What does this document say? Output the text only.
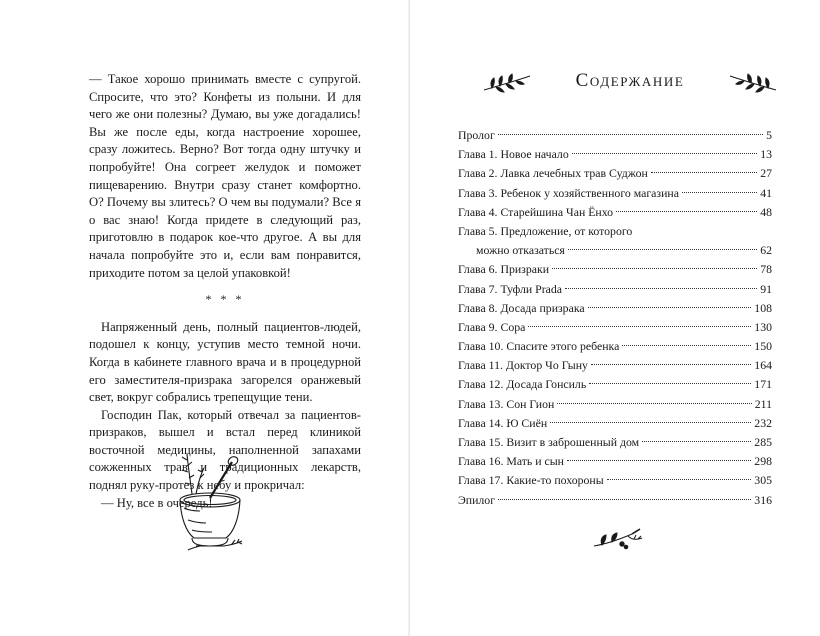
— Такое хорошо принимать вместе с супругой. Спросите, что это? Конфеты из полыни. И для чего же они полезны? Думаю, вы уже догадались! Вы же после еды, когда настроение хорошее, сразу ложитесь. Верно? Вот тогда одну штучку и попробуйте! Она согреет желудок и поможет пищеварению. Внутри сразу станет комфортно. О? Почему вы злитесь? О чем вы подумали? Все я о вас знаю! Когда придете в следующий раз, приготовлю в подарок кое-что другое. А вы для начала попробуйте это и, если вам понравится, приходите потом за целой упаковкой!

* * *

Напряженный день, полный пациентов-людей, подошел к концу, уступив место темной ночи. Когда в кабинете главного врача и в процедурной его заместителя-призрака загорелся оранжевый свет, вокруг собрались трепещущие тени.

Господин Пак, который отвечал за пациентов-призраков, вышел и встал перед клиникой восточной медицины, наполненной запахами сожженных трав и традиционных лекарств, поднял руку-протез к небу и прокричал:

— Ну, все в очередь!

Содержание
Пролог	5
Глава 1. Новое начало	13
Глава 2. Лавка лечебных трав Суджон	27
Глава 3. Ребенок у хозяйственного магазина	41
Глава 4. Старейшина Чан Ёнхо	48
Глава 5. Предложение, от которого
можно отказаться	62
Глава 6. Призраки	78
Глава 7. Туфли Prada	91
Глава 8. Досада призрака	108
Глава 9. Сора	130
Глава 10. Спасите этого ребенка	150
Глава 11. Доктор Чо Гыну	164
Глава 12. Досада Гонсиль	171
Глава 13. Сон Гион	211
Глава 14. Ю Сиён	232
Глава 15. Визит в заброшенный дом	285
Глава 16. Мать и сын	298
Глава 17. Какие-то похороны	305
Эпилог	316
